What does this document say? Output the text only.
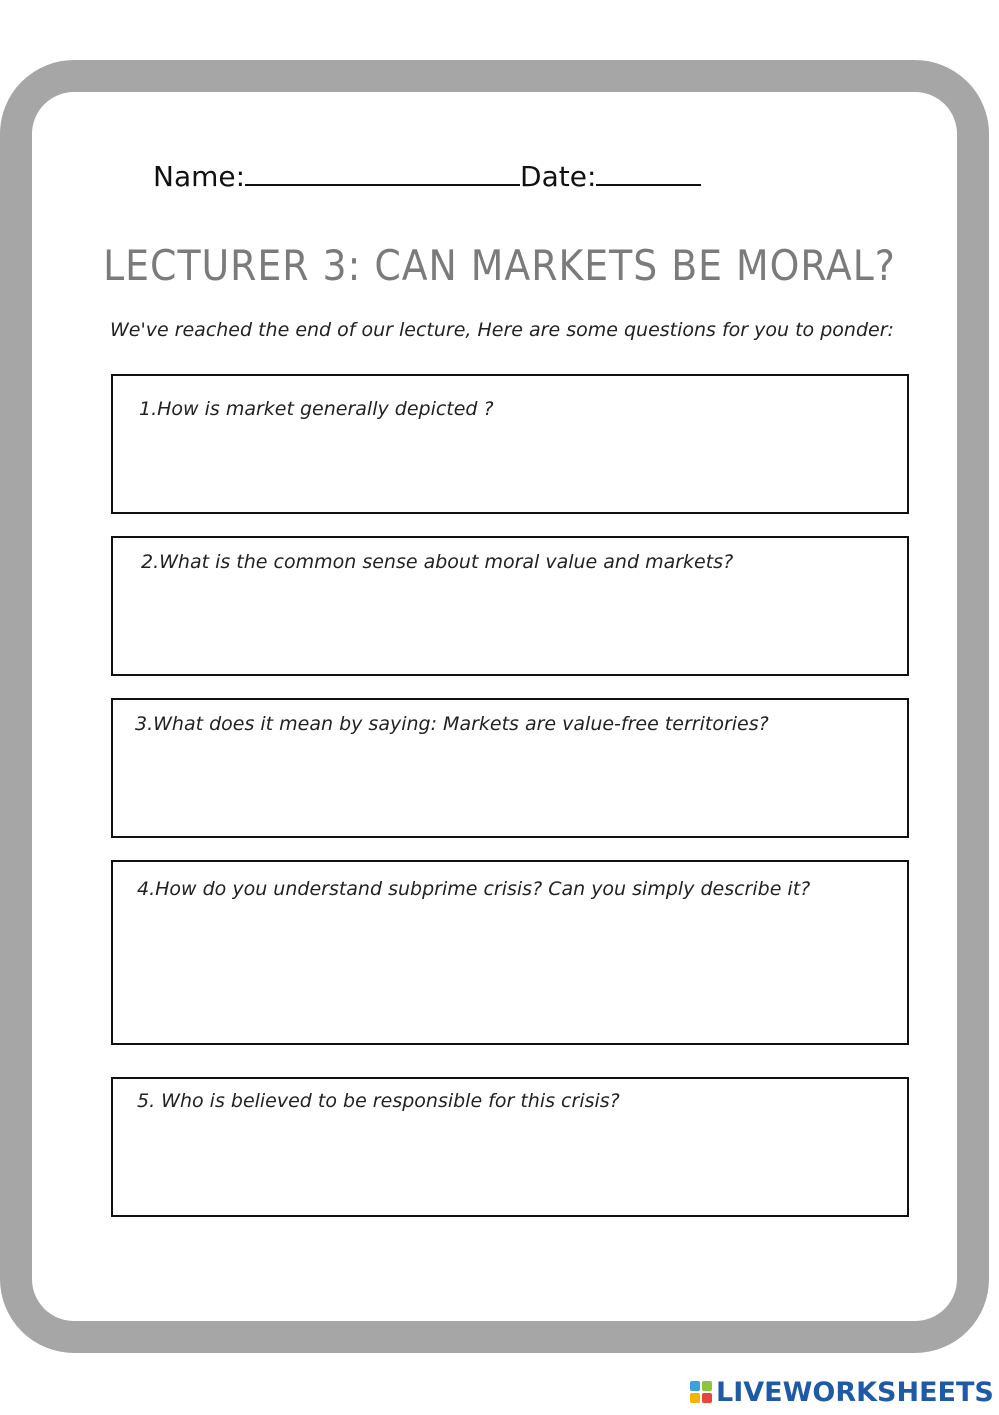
Name:	Date:
LECTURER 3: CAN MARKETS BE MORAL?
We've reached the end of our lecture, Here are some questions for you to ponder:
1.How is market generally depicted ?
2.What is the common sense about moral value and markets?
3.What does it mean by saying: Markets are value-free territories?
4.How do you understand subprime crisis? Can you simply describe it?
5. Who is believed to be responsible for this crisis?
LIVEWORKSHEETS
